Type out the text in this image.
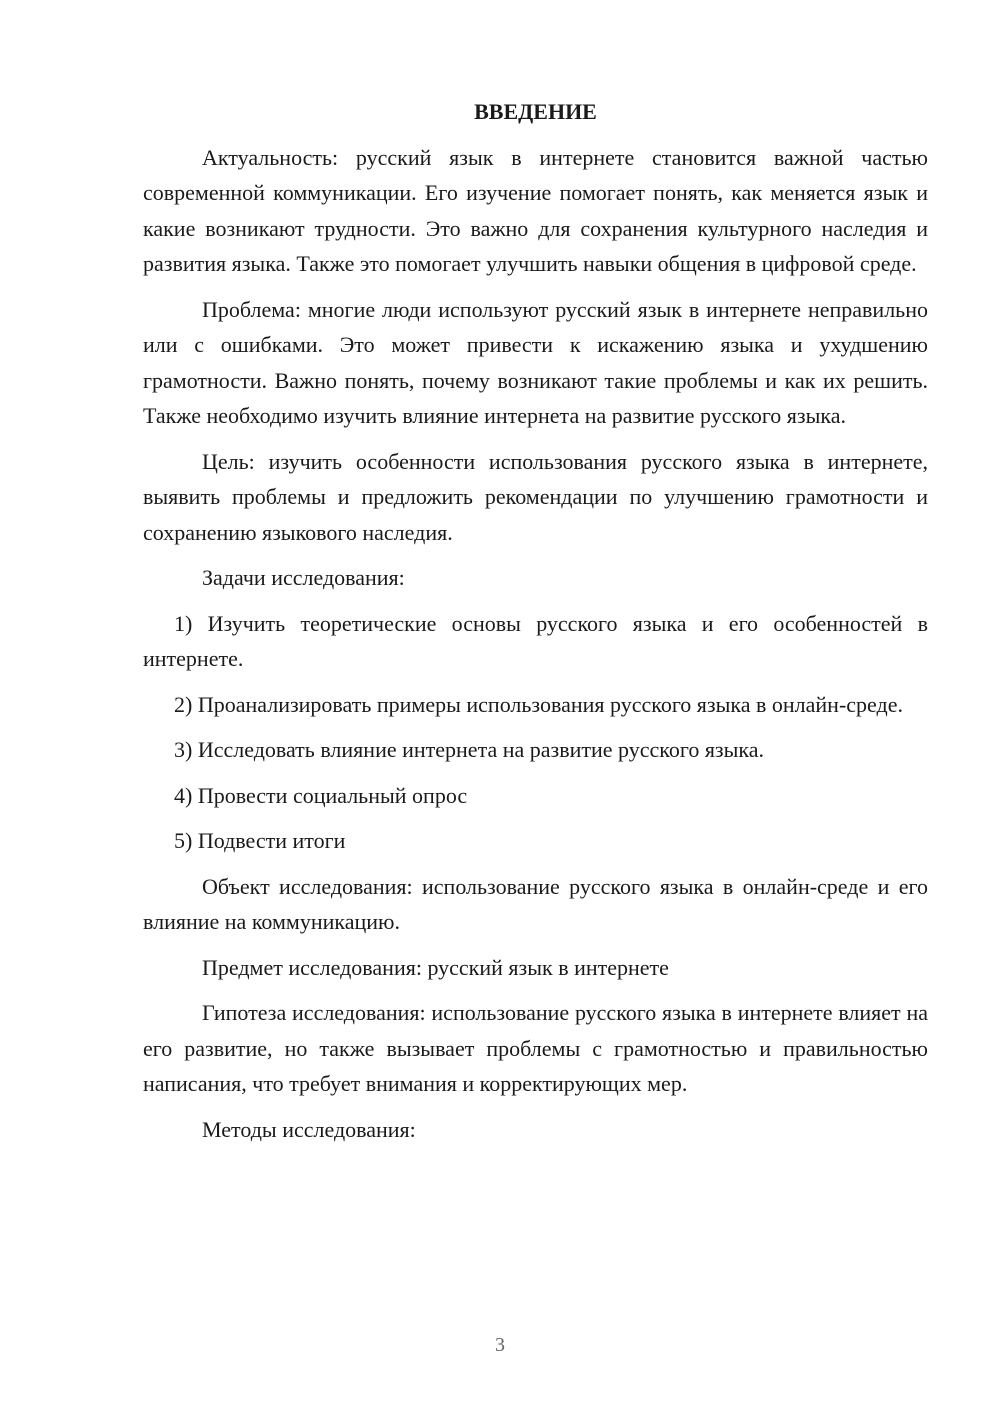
ВВЕДЕНИЕ

Актуальность: русский язык в интернете становится важной частью современной коммуникации. Его изучение помогает понять, как меняется язык и какие возникают трудности. Это важно для сохранения культурного наследия и развития языка. Также это помогает улучшить навыки общения в цифровой среде.

Проблема: многие люди используют русский язык в интернете неправильно или с ошибками. Это может привести к искажению языка и ухудшению грамотности. Важно понять, почему возникают такие проблемы и как их решить. Также необходимо изучить влияние интернета на развитие русского языка.

Цель: изучить особенности использования русского языка в интернете, выявить проблемы и предложить рекомендации по улучшению грамотности и сохранению языкового наследия.

Задачи исследования:

1) Изучить теоретические основы русского языка и его особенностей в интернете.

2) Проанализировать примеры использования русского языка в онлайн-среде.

3) Исследовать влияние интернета на развитие русского языка.

4) Провести социальный опрос

5) Подвести итоги

Объект исследования: использование русского языка в онлайн-среде и его влияние на коммуникацию.

Предмет исследования: русский язык в интернете

Гипотеза исследования: использование русского языка в интернете влияет на его развитие, но также вызывает проблемы с грамотностью и правильностью написания, что требует внимания и корректирующих мер.

Методы исследования:

3
